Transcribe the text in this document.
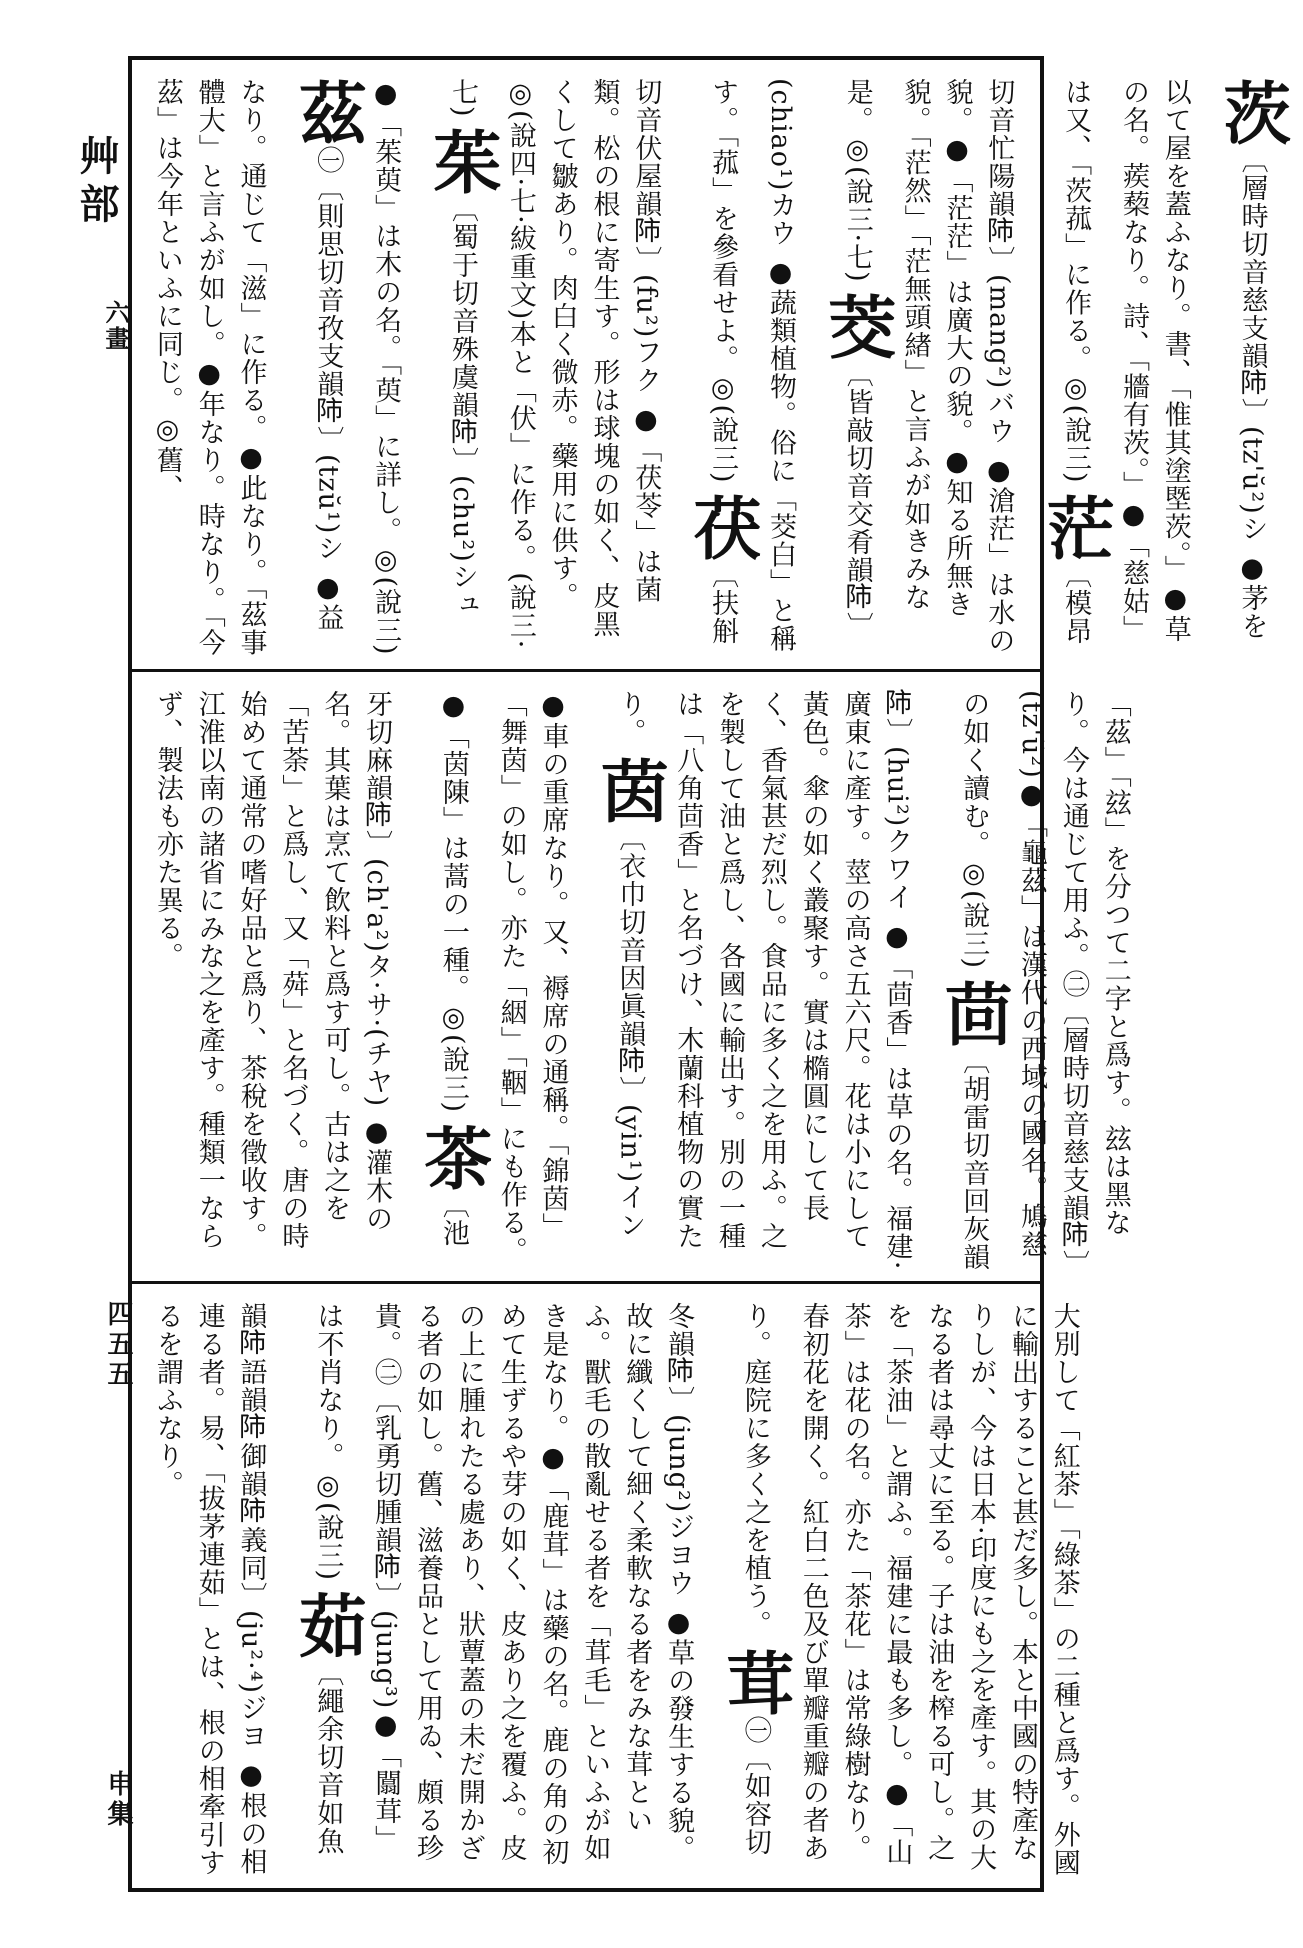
艸部
六畫
四五五
申集
茨〔層時切音慈支韻𨸲〕(tz'ŭ²)シ ●茅を以て屋を蓋ふなり。書、「惟其塗塈茨。」●草の名。蒺蔾なり。詩、「牆有茨。」●「慈姑」は又、「茨菰」に作る。◎(說三) 茫〔模昂切音忙陽韻𨸲〕(mang²)バウ ●滄茫」は水の貌。●「茫茫」は廣大の貌。●知る所無き貌。「茫然」「茫無頭緖」と言ふが如きみな是。◎(說三·七) 茭〔皆敲切音交肴韻𨸲〕(chiao¹)カウ ●蔬類植物。俗に「茭白」と稱す。「菰」を參看せよ。◎(說三) 茯〔扶斛切音伏屋韻𨸲〕(fu²)フク ●「茯苓」は菌類。松の根に寄生す。形は球塊の如く、皮黑くして皺あり。肉白く微赤。藥用に供す。◎(說四·七·紱重文)本と「伏」に作る。(說三·七) 茱〔蜀于切音殊虞韻𨸲〕(chu²)シュ ●「茱萸」は木の名。「萸」に詳し。◎(說三) 茲㊀〔則思切音孜支韻𨸲〕(tzŭ¹)シ ●益なり。通じて「滋」に作る。●此なり。「茲事體大」と言ふが如し。●年なり。時なり。「今茲」は今年といふに同じ。◎舊、
「茲」「玆」を分つて二字と爲す。玆は黑なり。今は通じて用ふ。㊁〔層時切音慈支韻𨸲〕(tz'ŭ²)●「龜茲」は漢代の西域の國名。鳩慈の如く讀む。◎(說三) 茴〔胡雷切音回灰韻𨸲〕(hui²)クワイ ●「茴香」は草の名。福建·廣東に產す。莖の高さ五六尺。花は小にして黃色。傘の如く叢聚す。實は橢圓にして長く、香氣甚だ烈し。食品に多く之を用ふ。之を製して油と爲し、各國に輸出す。別の一種は「八角茴香」と名づけ、木蘭科植物の實たり。 茵〔衣巾切音因眞韻𨸲〕(yin¹)イン ●車の重席なり。又、褥席の通稱。「錦茵」「舞茵」の如し。亦た「絪」「鞇」にも作る。●「茵陳」は蒿の一種。◎(說三) 茶〔池牙切麻韻𨸲〕(ch'a²)タ·サ·(チヤ) ●灌木の名。其葉は烹て飲料と爲す可し。古は之を「苦荼」と爲し、又「荈」と名づく。唐の時始めて通常の嗜好品と爲り、茶稅を徵收す。江淮以南の諸省にみな之を產す。種類一ならず、製法も亦た異る。
大別して「紅茶」「綠茶」の二種と爲す。外國に輸出すること甚だ多し。本と中國の特產なりしが、今は日本·印度にも之を產す。其の大なる者は尋丈に至る。子は油を榨る可し。之を「茶油」と謂ふ。福建に最も多し。●「山茶」は花の名。亦た「茶花」は常綠樹なり。春初花を開く。紅白二色及び單瓣重瓣の者あり。庭院に多く之を植う。 茸㊀〔如容切冬韻𨸲〕(jung²)ジヨウ ●草の發生する貌。故に纖くして細く柔軟なる者をみな茸といふ。獸毛の散亂せる者を「茸毛」といふが如き是なり。●「鹿茸」は藥の名。鹿の角の初めて生ずるや芽の如く、皮あり之を覆ふ。皮の上に腫れたる處あり、狀蕈蓋の未だ開かざる者の如し。舊、滋養品として用ゐ、頗る珍貴。㊁〔乳勇切腫韻𨸲〕(jung³)●「闒茸」は不肖なり。◎(說三) 茹〔繩余切音如魚韻𨸲語韻𨸲御韻𨸲義同〕(ju²·⁴)ジヨ ●根の相連る者。易、「拔茅連茹」とは、根の相牽引するを謂ふなり。
